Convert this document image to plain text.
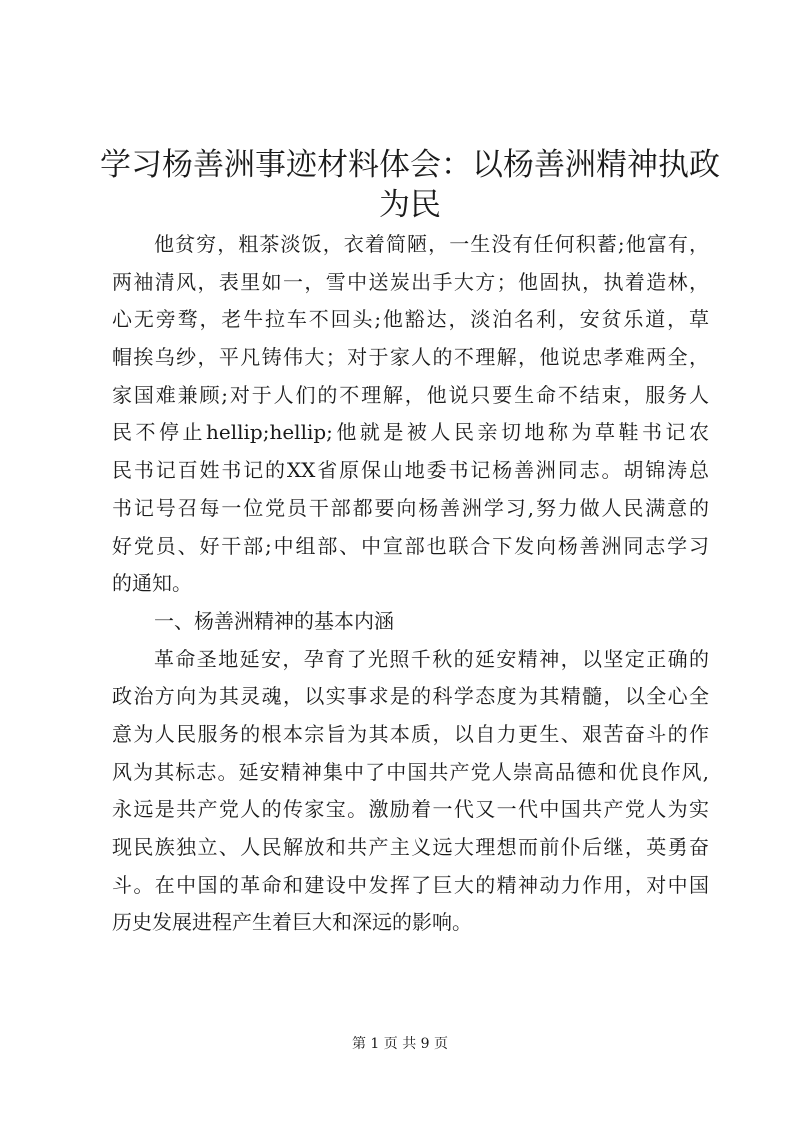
学习杨善洲事迹材料体会：以杨善洲精神执政
为民
他贫穷，粗茶淡饭，衣着简陋，一生没有任何积蓄;他富有，
两袖清风，表里如一，雪中送炭出手大方；他固执，执着造林，
心无旁骛，老牛拉车不回头;他豁达，淡泊名利，安贫乐道，草
帽挨乌纱，平凡铸伟大；对于家人的不理解，他说忠孝难两全，
家国难兼顾;对于人们的不理解，他说只要生命不结束，服务人
民不停止hellip;hellip;他就是被人民亲切地称为草鞋书记农
民书记百姓书记的XX省原保山地委书记杨善洲同志。胡锦涛总
书记号召每一位党员干部都要向杨善洲学习,努力做人民满意的
好党员、好干部;中组部、中宣部也联合下发向杨善洲同志学习
的通知。
一、杨善洲精神的基本内涵
革命圣地延安，孕育了光照千秋的延安精神，以坚定正确的
政治方向为其灵魂，以实事求是的科学态度为其精髓，以全心全
意为人民服务的根本宗旨为其本质，以自力更生、艰苦奋斗的作
风为其标志。延安精神集中了中国共产党人崇高品德和优良作风,
永远是共产党人的传家宝。激励着一代又一代中国共产党人为实
现民族独立、人民解放和共产主义远大理想而前仆后继，英勇奋
斗。在中国的革命和建设中发挥了巨大的精神动力作用，对中国
历史发展进程产生着巨大和深远的影响。
第 1 页 共 9 页
